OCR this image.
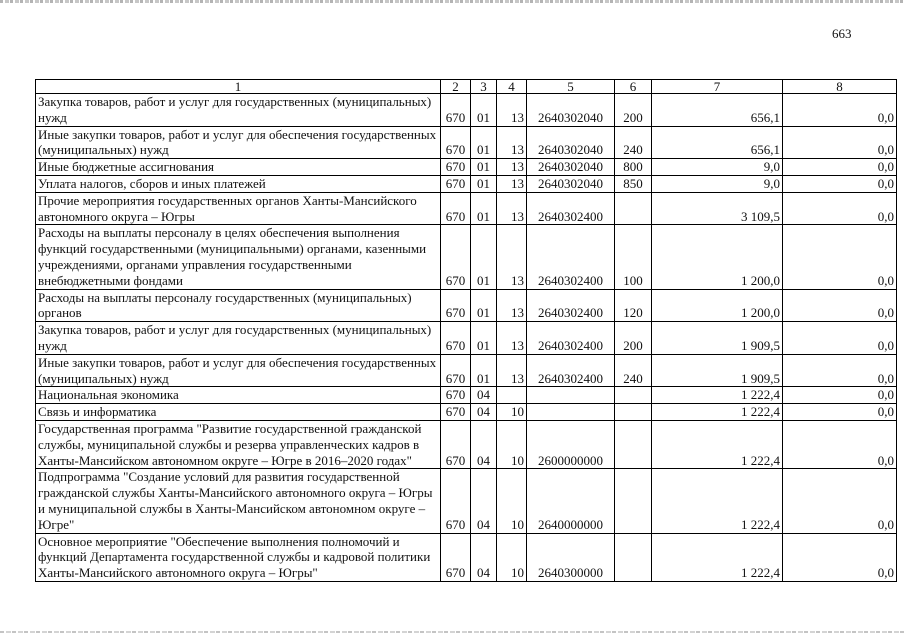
663
1	2	3	4	5	6	7	8
Закупка товаров, работ и услуг для государственных (муниципальных) нужд	670	01	13	2640302040	200	656,1	0,0
Иные закупки товаров, работ и услуг для обеспечения государственных (муниципальных) нужд	670	01	13	2640302040	240	656,1	0,0
Иные бюджетные ассигнования	670	01	13	2640302040	800	9,0	0,0
Уплата налогов, сборов и иных платежей	670	01	13	2640302040	850	9,0	0,0
Прочие мероприятия государственных органов Ханты-Мансийского автономного округа – Югры	670	01	13	2640302400		3 109,5	0,0
Расходы на выплаты персоналу в целях обеспечения выполнения функций государственными (муниципальными) органами, казенными учреждениями, органами управления государственными внебюджетными фондами	670	01	13	2640302400	100	1 200,0	0,0
Расходы на выплаты персоналу государственных (муниципальных) органов	670	01	13	2640302400	120	1 200,0	0,0
Закупка товаров, работ и услуг для государственных (муниципальных) нужд	670	01	13	2640302400	200	1 909,5	0,0
Иные закупки товаров, работ и услуг для обеспечения государственных (муниципальных) нужд	670	01	13	2640302400	240	1 909,5	0,0
Национальная экономика	670	04				1 222,4	0,0
Связь и информатика	670	04	10			1 222,4	0,0
Государственная программа "Развитие государственной гражданской службы, муниципальной службы и резерва управленческих кадров в Ханты-Мансийском автономном округе – Югре в 2016–2020 годах"	670	04	10	2600000000		1 222,4	0,0
Подпрограмма "Создание условий для развития государственной гражданской службы Ханты-Мансийского автономного округа – Югры и муниципальной службы в Ханты-Мансийском автономном округе – Югре"	670	04	10	2640000000		1 222,4	0,0
Основное мероприятие "Обеспечение выполнения полномочий и функций Департамента государственной службы и кадровой политики Ханты-Мансийского автономного округа – Югры"	670	04	10	2640300000		1 222,4	0,0
